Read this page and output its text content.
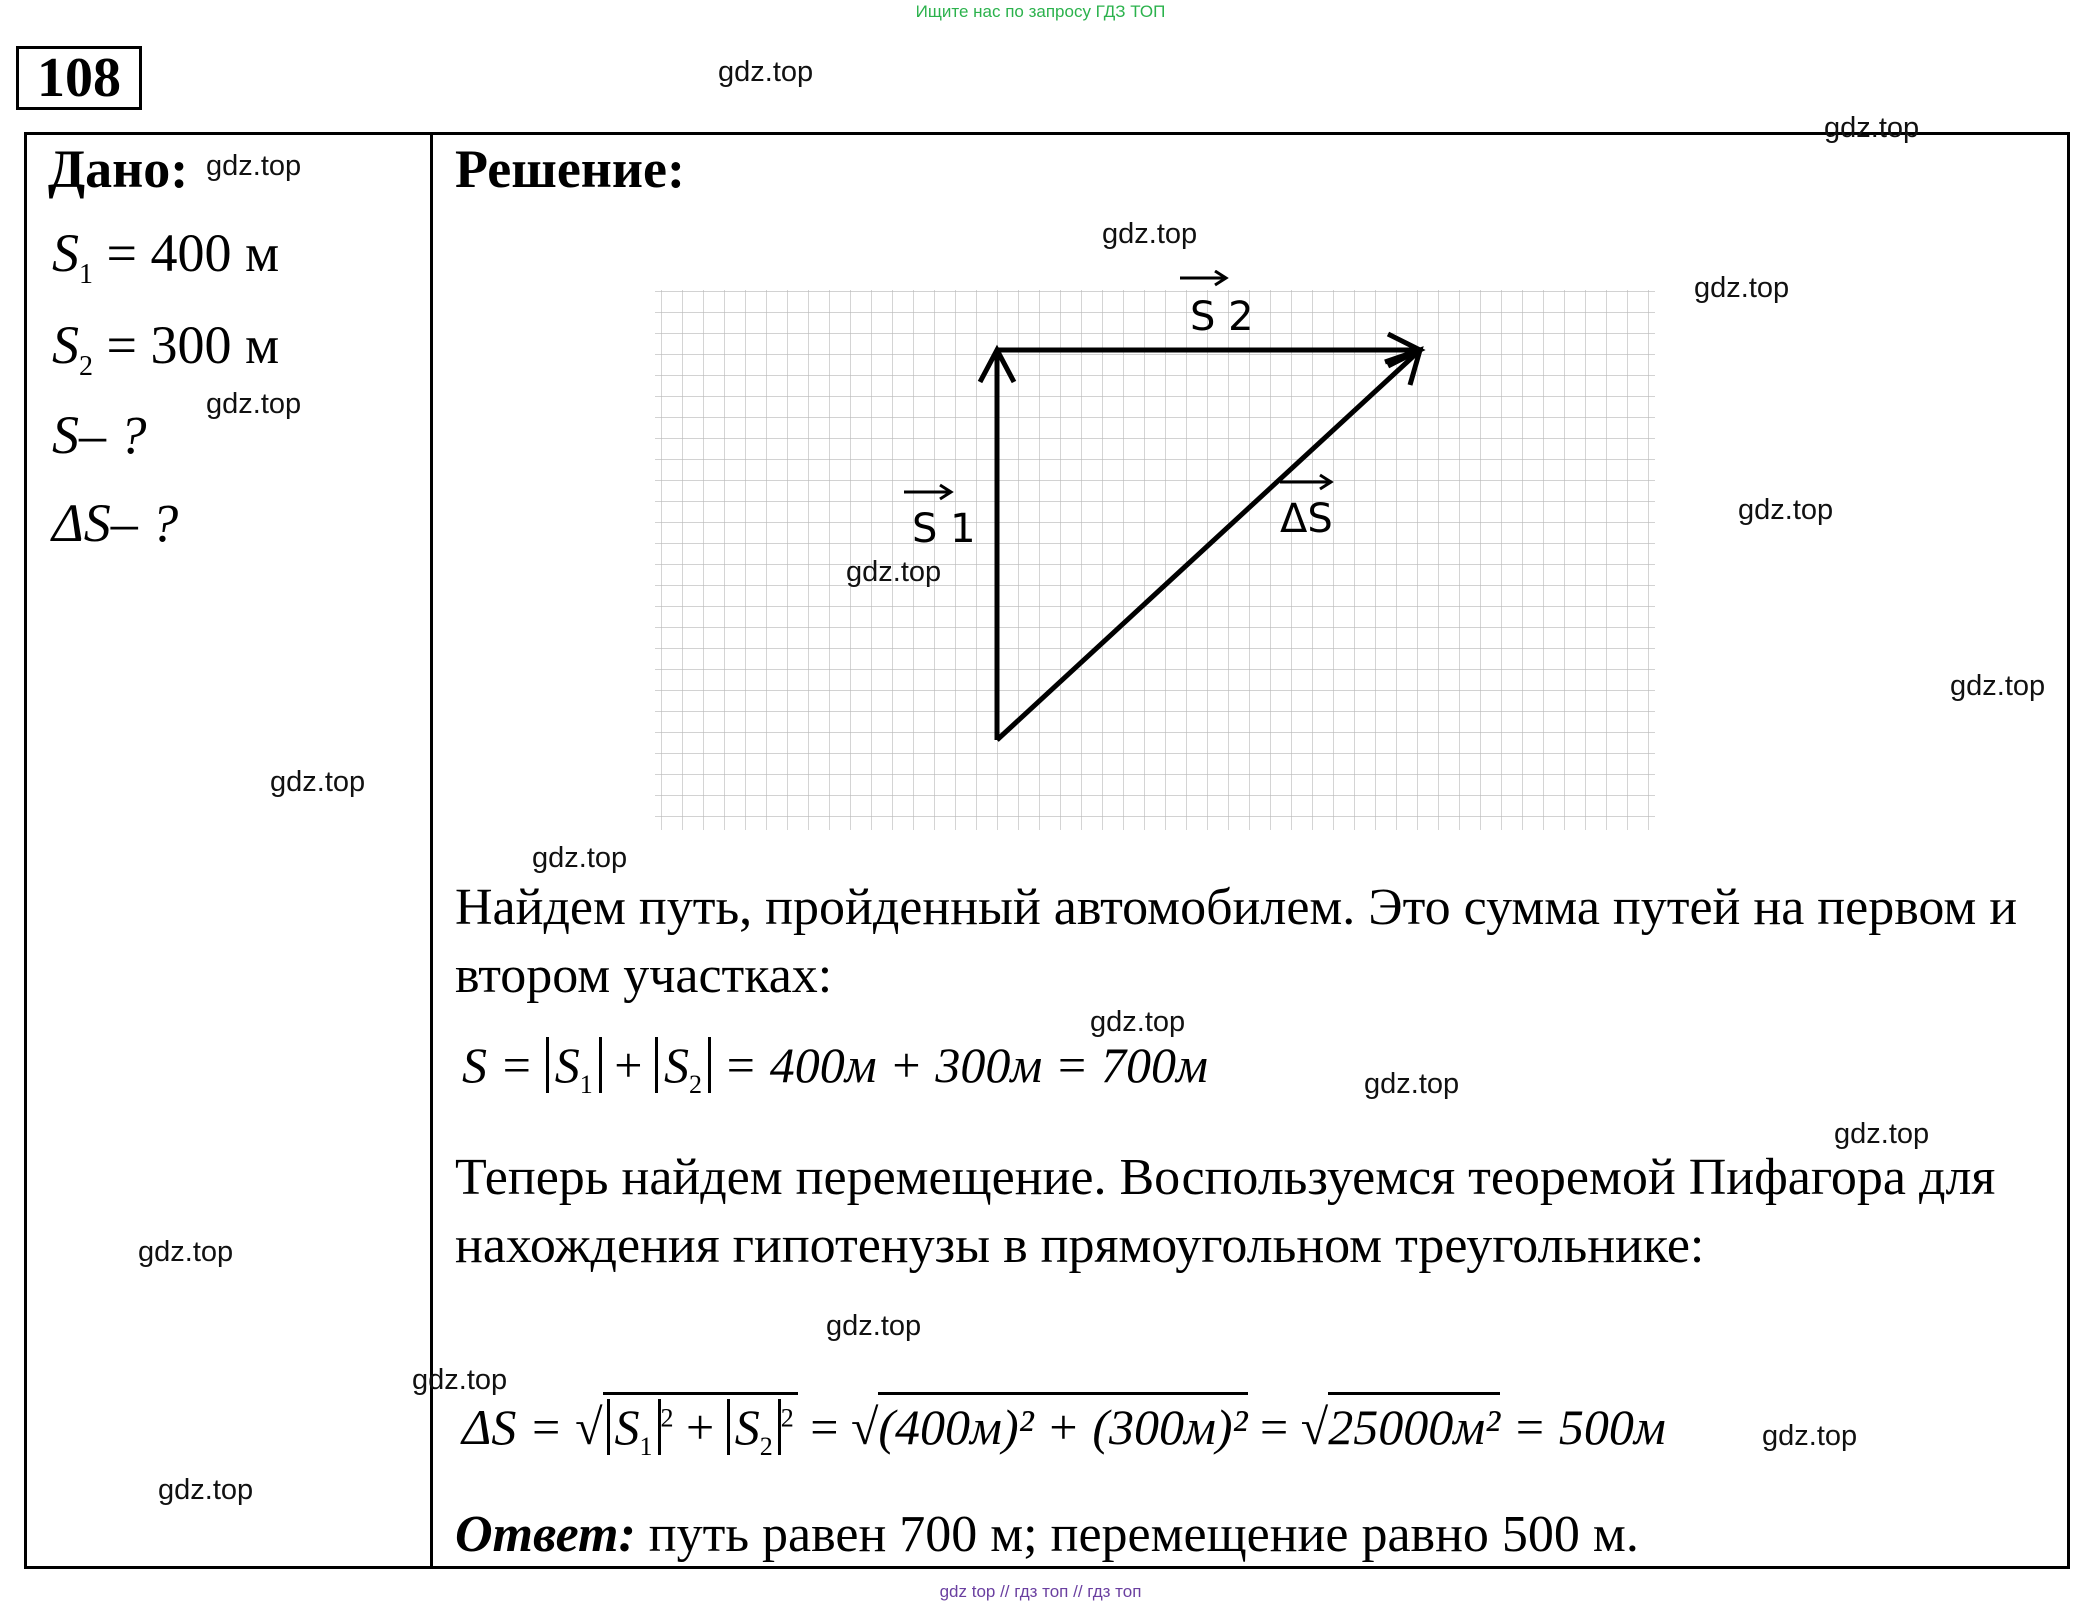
Ищите нас по запросу ГДЗ ТОП
108
Дано:
$S_1 = 400$ м
$S_2 = 300$ м
S– ?
ΔS– ?
Решение:
S 2
S 1	ΔS
Найдем путь, пройденный автомобилем. Это сумма путей на первом и втором участках:
$S = S_1 + S_2 = 400м + 300м = 700м$
Теперь найдем перемещение. Воспользуемся теоремой Пифагора для нахождения гипотенузы в прямоугольном треугольнике:
ΔS = √ $S_1^2 + S_2^2 = √(400м)^2 + (300м)^2 = √25000м^2 = 500м$
Ответ: путь равен 700 м; перемещение равно 500 м.
gdz.top
gdz.top
gdz.top
gdz.top
gdz.top
gdz.top
gdz.top
gdz.top
gdz.top
gdz.top
gdz.top
gdz.top
gdz.top
gdz.top
gdz.top
gdz.top
gdz.top
gdz.top
gdz.top
gdz top // гдз топ // гдз топ
